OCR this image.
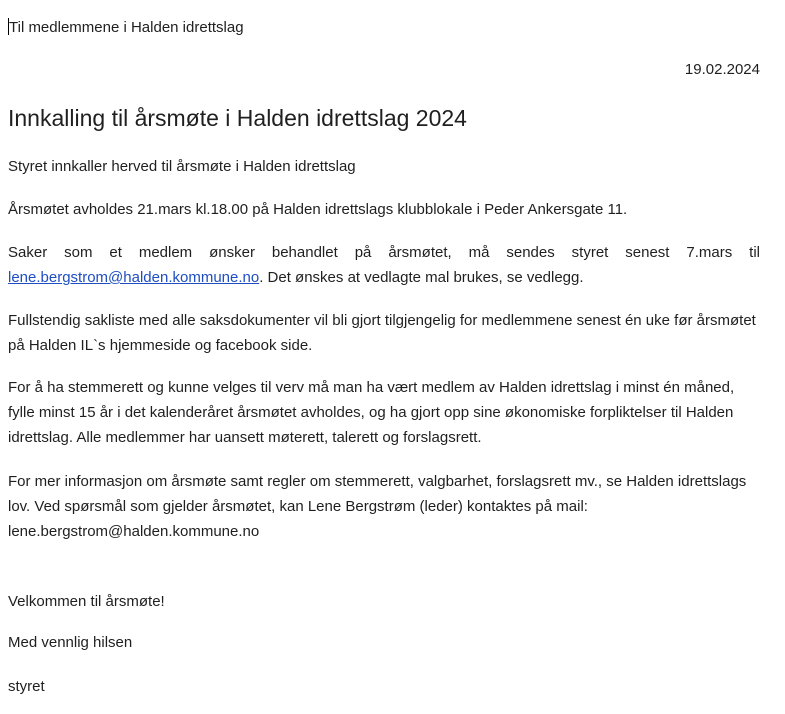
Til medlemmene i Halden idrettslag
19.02.2024
Innkalling til årsmøte i Halden idrettslag 2024

Styret innkaller herved til årsmøte i Halden idrettslag

Årsmøtet avholdes 21.mars kl.18.00 på Halden idrettslags klubblokale i Peder Ankersgate 11.

Saker som et medlem ønsker behandlet på årsmøtet, må sendes styret senest 7.mars til lene.bergstrom@halden.kommune.no. Det ønskes at vedlagte mal brukes, se vedlegg.

Fullstendig sakliste med alle saksdokumenter vil bli gjort tilgjengelig for medlemmene senest én uke før årsmøtet på Halden IL`s hjemmeside og facebook side.

For å ha stemmerett og kunne velges til verv må man ha vært medlem av Halden idrettslag i minst én måned, fylle minst 15 år i det kalenderåret årsmøtet avholdes, og ha gjort opp sine økonomiske forpliktelser til Halden idrettslag. Alle medlemmer har uansett møterett, talerett og forslagsrett.

For mer informasjon om årsmøte samt regler om stemmerett, valgbarhet, forslagsrett mv., se Halden idrettslags lov. Ved spørsmål som gjelder årsmøtet, kan Lene Bergstrøm (leder) kontaktes på mail: lene.bergstrom@halden.kommune.no

Velkommen til årsmøte!

Med vennlig hilsen

styret
